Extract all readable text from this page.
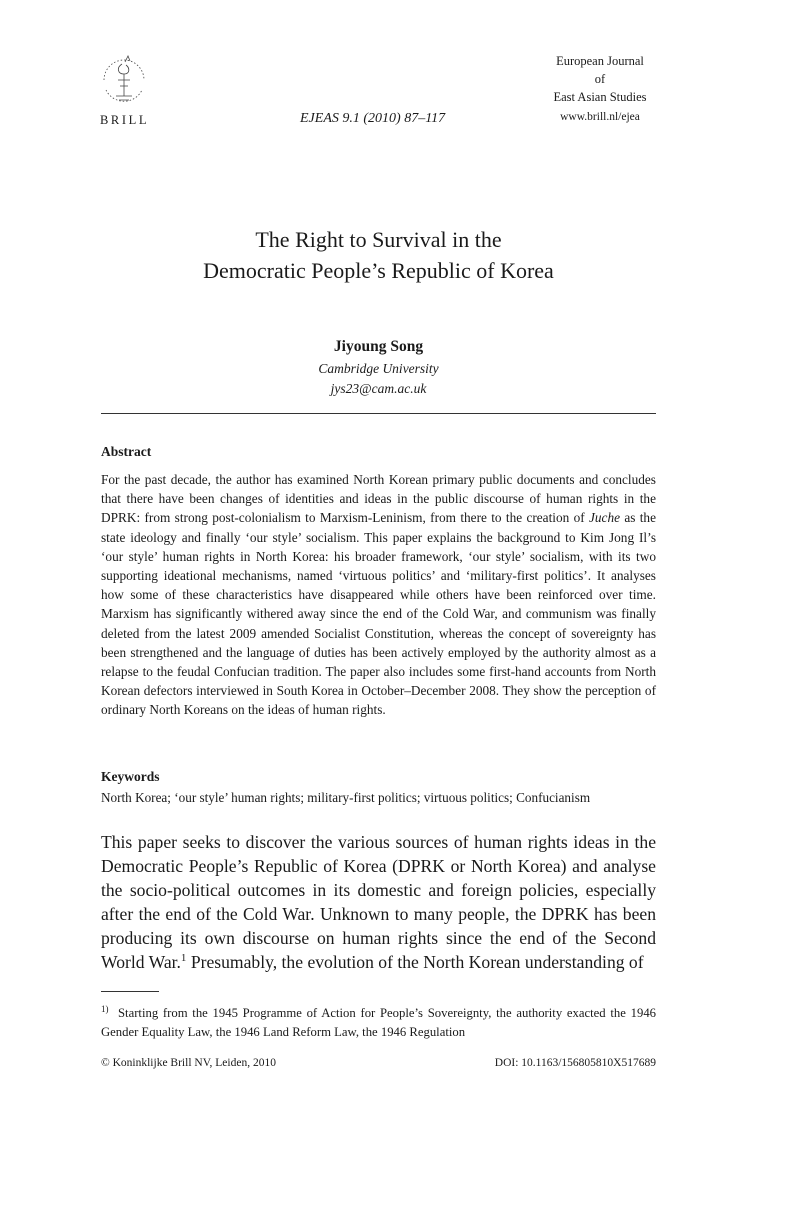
BRILL	EJEAS 9.1 (2010) 87–117
European Journal
of
East Asian Studies
www.brill.nl/ejea
The Right to Survival in the
Democratic People’s Republic of Korea
Jiyoung Song
Cambridge University
jys23@cam.ac.uk
Abstract
For the past decade, the author has examined North Korean primary public documents and concludes that there have been changes of identities and ideas in the public discourse of human rights in the DPRK: from strong post-colonialism to Marxism-Leninism, from there to the creation of Juche as the state ideology and finally ‘our style’ socialism. This paper explains the background to Kim Jong Il’s ‘our style’ human rights in North Korea: his broader framework, ‘our style’ socialism, with its two supporting ideational mechanisms, named ‘virtuous politics’ and ‘military-first politics’. It analyses how some of these characteristics have disappeared while others have been reinforced over time. Marxism has significantly withered away since the end of the Cold War, and communism was finally deleted from the latest 2009 amended Socialist Constitution, whereas the concept of sovereignty has been strengthened and the language of duties has been actively employed by the authority almost as a relapse to the feudal Confucian tradition. The paper also includes some first-hand accounts from North Korean defectors interviewed in South Korea in October–December 2008. They show the perception of ordinary North Koreans on the ideas of human rights.
Keywords
North Korea; ‘our style’ human rights; military-first politics; virtuous politics; Confucianism
This paper seeks to discover the various sources of human rights ideas in the Democratic People’s Republic of Korea (DPRK or North Korea) and analyse the socio-political outcomes in its domestic and foreign policies, especially after the end of the Cold War. Unknown to many people, the DPRK has been producing its own discourse on human rights since the end of the Second World War.$^1$ Presumably, the evolution of the North Korean understanding of
$^{1)}$ Starting from the 1945 Programme of Action for People’s Sovereignty, the authority exacted the 1946 Gender Equality Law, the 1946 Land Reform Law, the 1946 Regulation
© Koninklijke Brill NV, Leiden, 2010	DOI: 10.1163/156805810X517689
